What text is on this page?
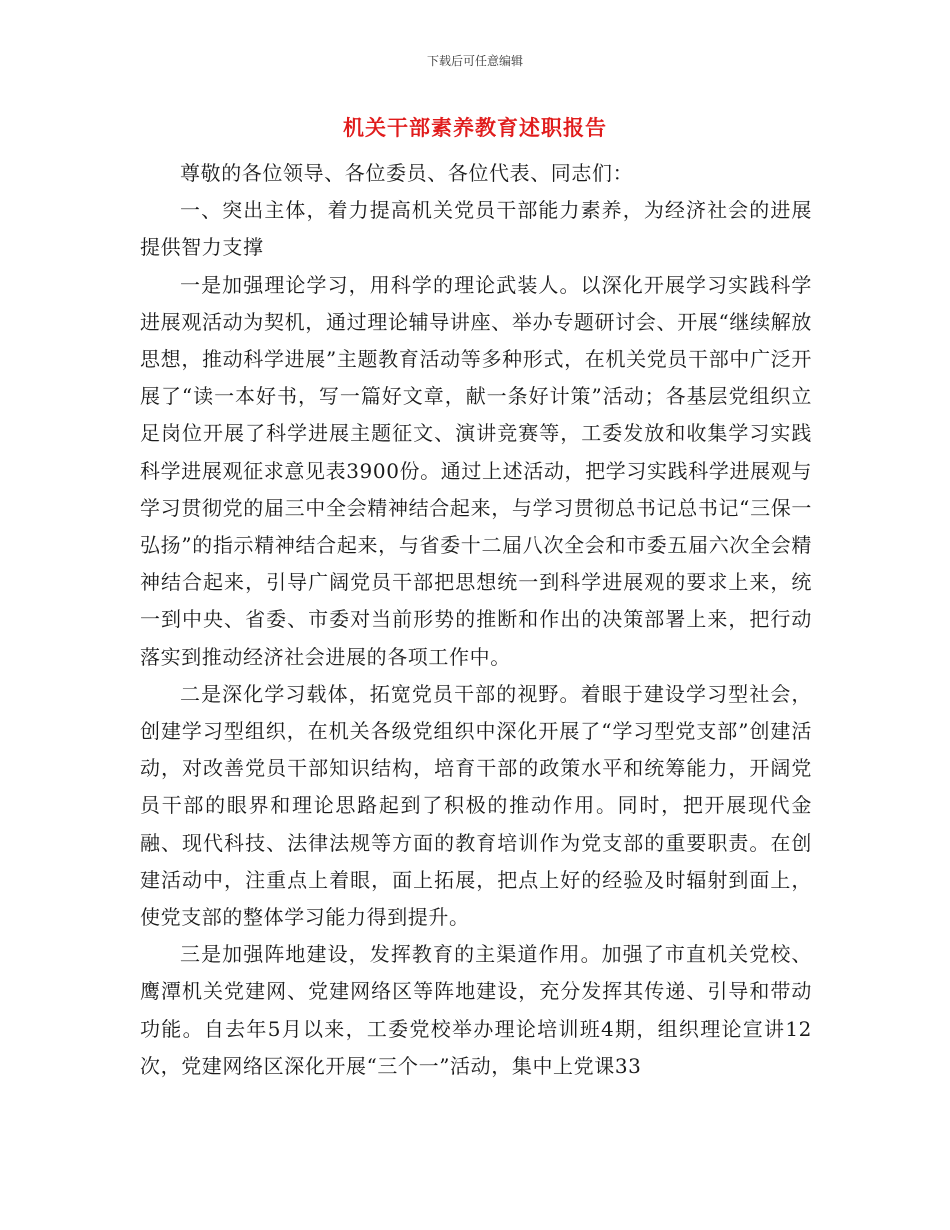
下载后可任意编辑
机关干部素养教育述职报告

尊敬的各位领导、各位委员、各位代表、同志们：

一、突出主体，着力提高机关党员干部能力素养，为经济社会的进展提供智力支撑

一是加强理论学习，用科学的理论武装人。以深化开展学习实践科学进展观活动为契机，通过理论辅导讲座、举办专题研讨会、开展“继续解放思想，推动科学进展”主题教育活动等多种形式，在机关党员干部中广泛开展了“读一本好书，写一篇好文章，献一条好计策”活动；各基层党组织立足岗位开展了科学进展主题征文、演讲竞赛等，工委发放和收集学习实践科学进展观征求意见表3900份。通过上述活动，把学习实践科学进展观与学习贯彻党的届三中全会精神结合起来，与学习贯彻总书记总书记“三保一弘扬”的指示精神结合起来，与省委十二届八次全会和市委五届六次全会精神结合起来，引导广阔党员干部把思想统一到科学进展观的要求上来，统一到中央、省委、市委对当前形势的推断和作出的决策部署上来，把行动落实到推动经济社会进展的各项工作中。

二是深化学习载体，拓宽党员干部的视野。着眼于建设学习型社会，创建学习型组织，在机关各级党组织中深化开展了“学习型党支部”创建活动，对改善党员干部知识结构，培育干部的政策水平和统筹能力，开阔党员干部的眼界和理论思路起到了积极的推动作用。同时，把开展现代金融、现代科技、法律法规等方面的教育培训作为党支部的重要职责。在创建活动中，注重点上着眼，面上拓展，把点上好的经验及时辐射到面上，使党支部的整体学习能力得到提升。

三是加强阵地建设，发挥教育的主渠道作用。加强了市直机关党校、鹰潭机关党建网、党建网络区等阵地建设，充分发挥其传递、引导和带动功能。自去年5月以来，工委党校举办理论培训班4期，组织理论宣讲12次，党建网络区深化开展“三个一”活动，集中上党课33
